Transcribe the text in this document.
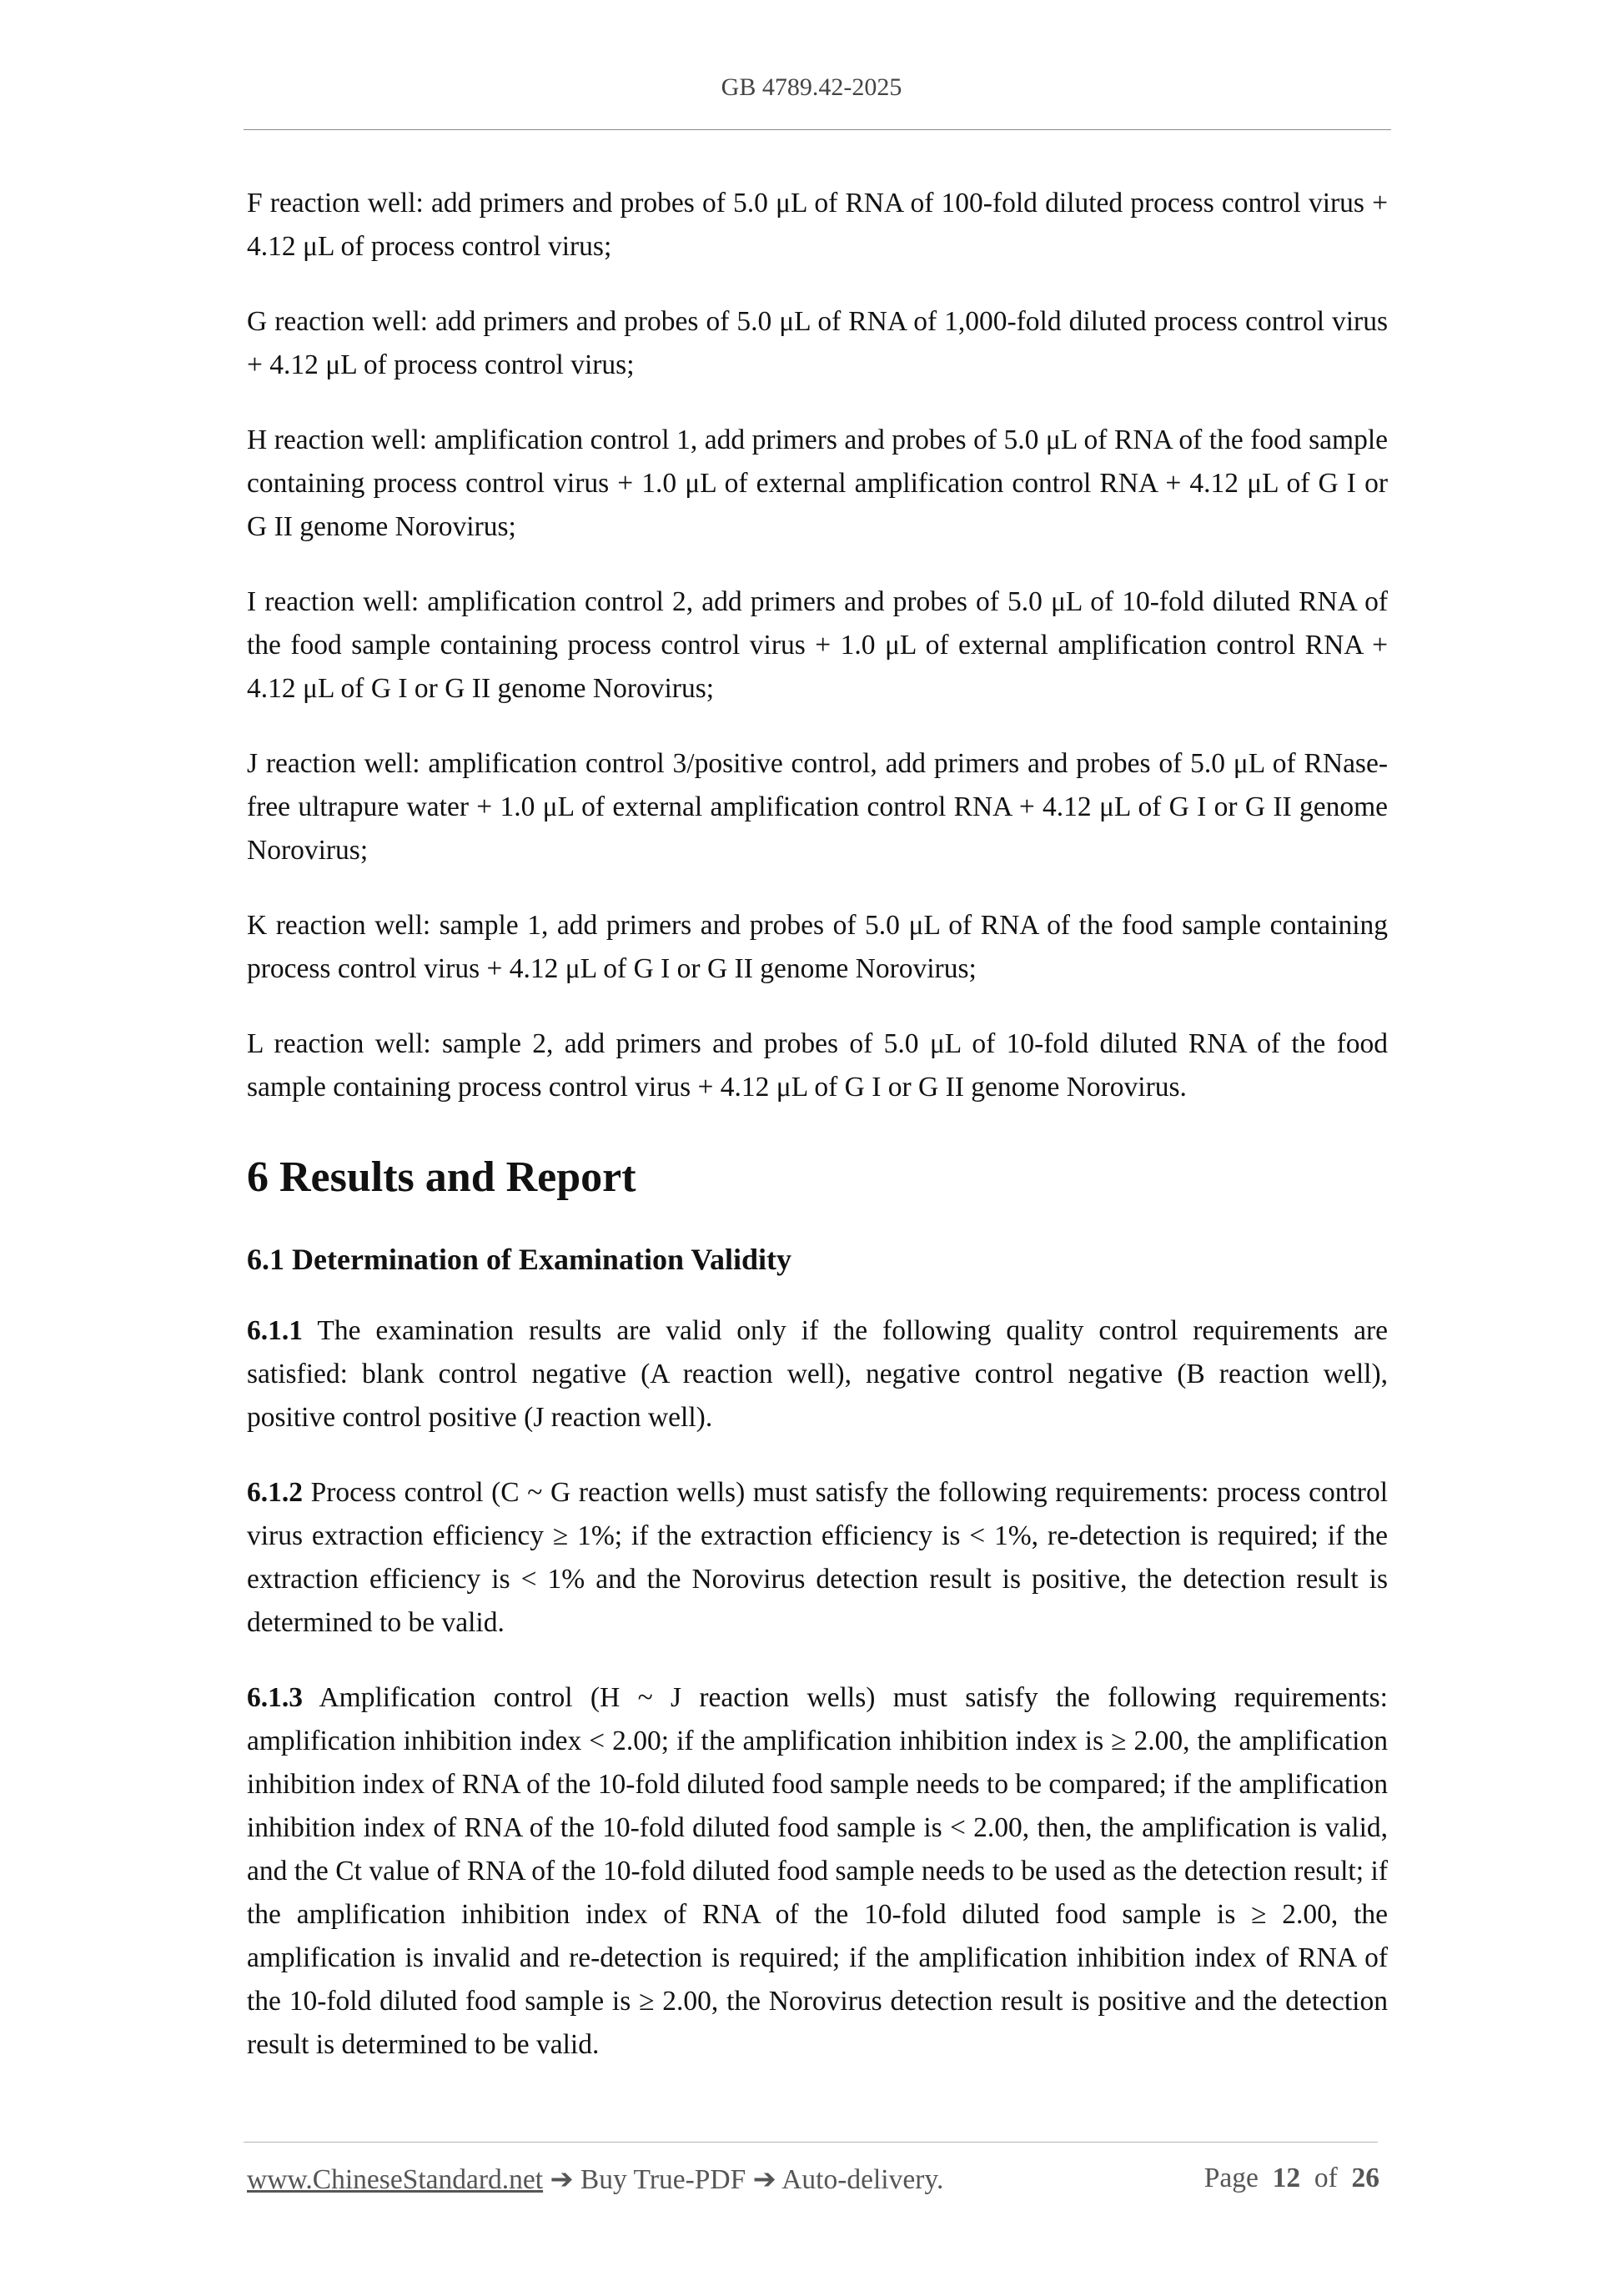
GB 4789.42-2025

F reaction well: add primers and probes of 5.0 μL of RNA of 100-fold diluted process control virus + 4.12 μL of process control virus;

G reaction well: add primers and probes of 5.0 μL of RNA of 1,000-fold diluted process control virus + 4.12 μL of process control virus;

H reaction well: amplification control 1, add primers and probes of 5.0 μL of RNA of the food sample containing process control virus + 1.0 μL of external amplification control RNA + 4.12 μL of G I or G II genome Norovirus;

I reaction well: amplification control 2, add primers and probes of 5.0 μL of 10-fold diluted RNA of the food sample containing process control virus + 1.0 μL of external amplification control RNA + 4.12 μL of G I or G II genome Norovirus;

J reaction well: amplification control 3/positive control, add primers and probes of 5.0 μL of RNase-free ultrapure water + 1.0 μL of external amplification control RNA + 4.12 μL of G I or G II genome Norovirus;

K reaction well: sample 1, add primers and probes of 5.0 μL of RNA of the food sample containing process control virus + 4.12 μL of G I or G II genome Norovirus;

L reaction well: sample 2, add primers and probes of 5.0 μL of 10-fold diluted RNA of the food sample containing process control virus + 4.12 μL of G I or G II genome Norovirus.

6 Results and Report
6.1 Determination of Examination Validity

6.1.1 The examination results are valid only if the following quality control requirements are satisfied: blank control negative (A reaction well), negative control negative (B reaction well), positive control positive (J reaction well).

6.1.2 Process control (C ~ G reaction wells) must satisfy the following requirements: process control virus extraction efficiency ≥ 1%; if the extraction efficiency is < 1%, re-detection is required; if the extraction efficiency is < 1% and the Norovirus detection result is positive, the detection result is determined to be valid.

6.1.3 Amplification control (H ~ J reaction wells) must satisfy the following requirements: amplification inhibition index < 2.00; if the amplification inhibition index is ≥ 2.00, the amplification inhibition index of RNA of the 10-fold diluted food sample needs to be compared; if the amplification inhibition index of RNA of the 10-fold diluted food sample is < 2.00, then, the amplification is valid, and the Ct value of RNA of the 10-fold diluted food sample needs to be used as the detection result; if the amplification inhibition index of RNA of the 10-fold diluted food sample is ≥ 2.00, the amplification is invalid and re-detection is required; if the amplification inhibition index of RNA of the 10-fold diluted food sample is ≥ 2.00, the Norovirus detection result is positive and the detection result is determined to be valid.

www.ChineseStandard.net ➔ Buy True-PDF ➔ Auto-delivery.	Page 12 of 26
